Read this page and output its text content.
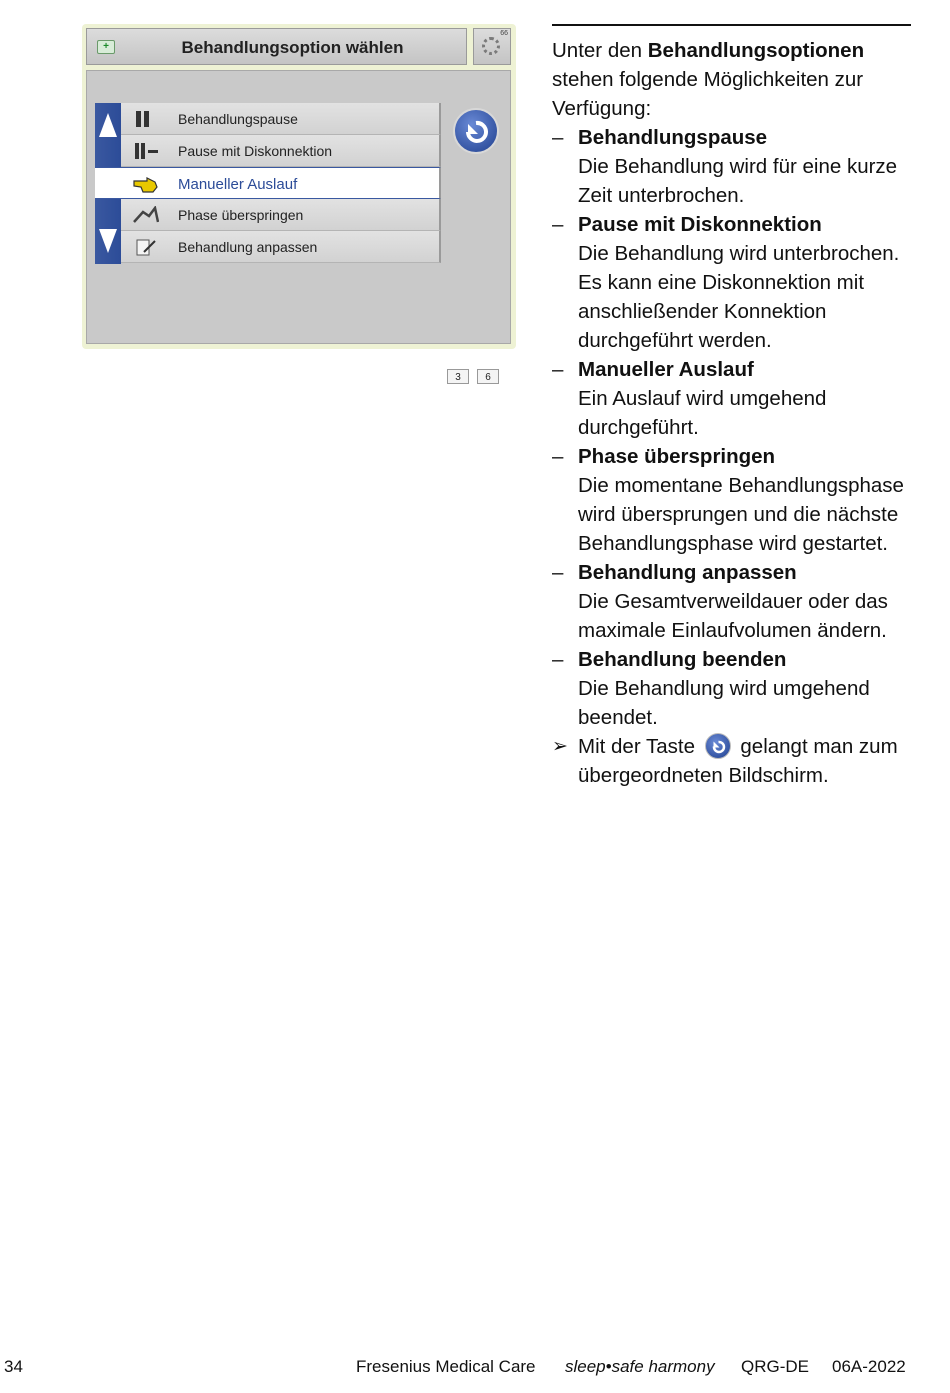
+	Behandlungsoption wählen
66
Behandlungspause
Pause mit Diskonnektion
Manueller Auslauf
Phase überspringen
Behandlung anpassen
3	6

Unter den Behandlungsoptionen stehen folgende Möglichkeiten zur Verfügung:

– Behandlungspause
Die Behandlung wird für eine kurze Zeit unterbrochen.
– Pause mit Diskonnektion
Die Behandlung wird unterbrochen. Es kann eine Diskonnektion mit anschließender Konnektion durchgeführt werden.
– Manueller Auslauf
Ein Auslauf wird umgehend durchgeführt.
– Phase überspringen
Die momentane Behandlungsphase wird übersprungen und die nächste Behandlungsphase wird gestartet.
– Behandlung anpassen
Die Gesamtverweildauer oder das maximale Einlaufvolumen ändern.
– Behandlung beenden
Die Behandlung wird umgehend beendet.

➢ Mit der Taste gelangt man zum übergeordneten Bildschirm.

34	Fresenius Medical Care sleep•safe harmony QRG-DE 06A-2022
